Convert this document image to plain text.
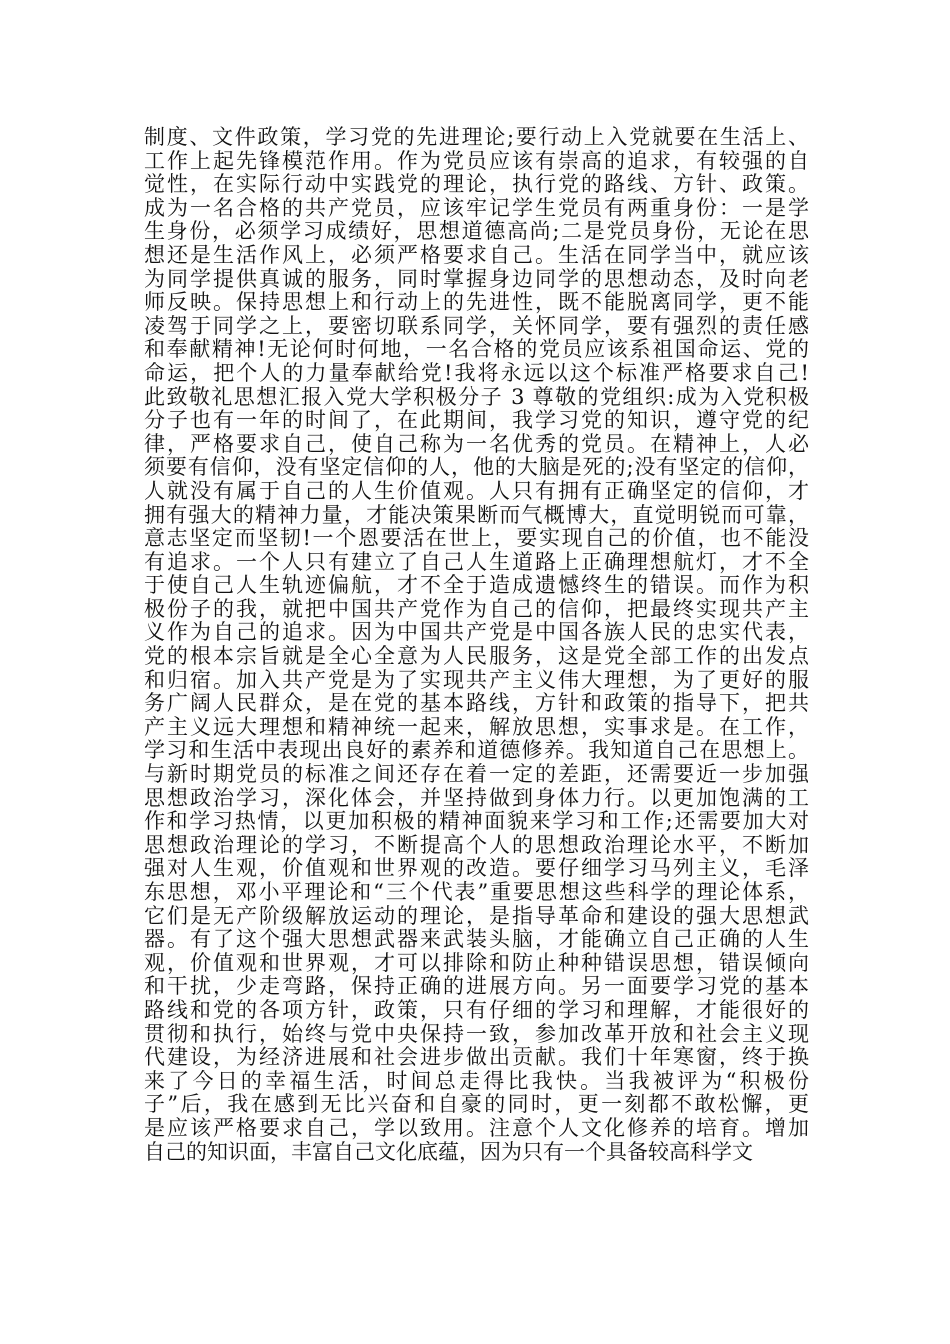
制度、文件政策，学习党的先进理论;要行动上入党就要在生活上、
工作上起先锋模范作用。作为党员应该有崇高的追求，有较强的自
觉性，在实际行动中实践党的理论，执行党的路线、方针、政策。
成为一名合格的共产党员，应该牢记学生党员有两重身份：一是学
生身份，必须学习成绩好，思想道德高尚;二是党员身份，无论在思
想还是生活作风上，必须严格要求自己。生活在同学当中，就应该
为同学提供真诚的服务，同时掌握身边同学的思想动态，及时向老
师反映。保持思想上和行动上的先进性，既不能脱离同学，更不能
凌驾于同学之上，要密切联系同学，关怀同学，要有强烈的责任感
和奉献精神!无论何时何地，一名合格的党员应该系祖国命运、党的
命运，把个人的力量奉献给党!我将永远以这个标准严格要求自己!
此致敬礼思想汇报入党大学积极分子 3 尊敬的党组织:成为入党积极
分子也有一年的时间了，在此期间，我学习党的知识，遵守党的纪
律，严格要求自己，使自己称为一名优秀的党员。在精神上，人必
须要有信仰，没有坚定信仰的人，他的大脑是死的;没有坚定的信仰，
人就没有属于自己的人生价值观。人只有拥有正确坚定的信仰，才
拥有强大的精神力量，才能决策果断而气概博大，直觉明锐而可靠，
意志坚定而坚韧!一个恩要活在世上，要实现自己的价值，也不能没
有追求。一个人只有建立了自己人生道路上正确理想航灯，才不全
于使自己人生轨迹偏航，才不全于造成遗憾终生的错误。而作为积
极份子的我，就把中国共产党作为自己的信仰，把最终实现共产主
义作为自己的追求。因为中国共产党是中国各族人民的忠实代表，
党的根本宗旨就是全心全意为人民服务，这是党全部工作的出发点
和归宿。加入共产党是为了实现共产主义伟大理想，为了更好的服
务广阔人民群众，是在党的基本路线，方针和政策的指导下，把共
产主义远大理想和精神统一起来，解放思想，实事求是。在工作，
学习和生活中表现出良好的素养和道德修养。我知道自己在思想上。
与新时期党员的标准之间还存在着一定的差距，还需要近一步加强
思想政治学习，深化体会，并坚持做到身体力行。以更加饱满的工
作和学习热情，以更加积极的精神面貌来学习和工作;还需要加大对
思想政治理论的学习，不断提高个人的思想政治理论水平，不断加
强对人生观，价值观和世界观的改造。要仔细学习马列主义，毛泽
东思想，邓小平理论和“三个代表”重要思想这些科学的理论体系，
它们是无产阶级解放运动的理论，是指导革命和建设的强大思想武
器。有了这个强大思想武器来武装头脑，才能确立自己正确的人生
观，价值观和世界观，才可以排除和防止种种错误思想，错误倾向
和干扰，少走弯路，保持正确的进展方向。另一面要学习党的基本
路线和党的各项方针，政策，只有仔细的学习和理解，才能很好的
贯彻和执行，始终与党中央保持一致，参加改革开放和社会主义现
代建设，为经济进展和社会进步做出贡献。我们十年寒窗，终于换
来了今日的幸福生活，时间总走得比我快。当我被评为“积极份
子”后，我在感到无比兴奋和自豪的同时，更一刻都不敢松懈，更
是应该严格要求自己，学以致用。注意个人文化修养的培育。增加
自己的知识面，丰富自己文化底蕴，因为只有一个具备较高科学文
